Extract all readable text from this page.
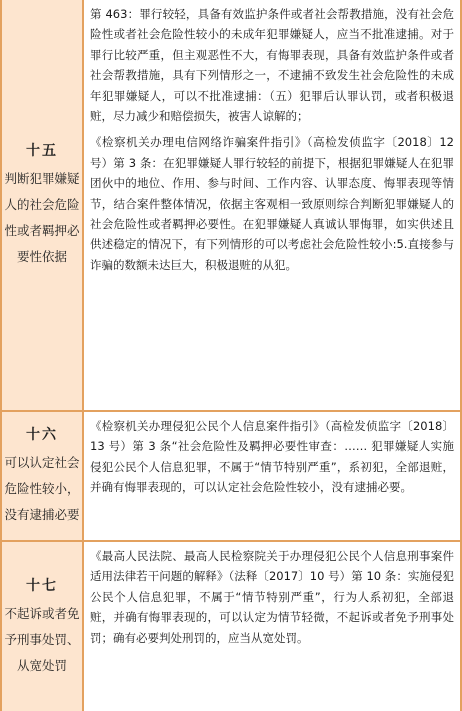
十五
判断犯罪嫌疑人的社会危险性或者羁押必要性依据

第 463：罪行较轻，具备有效监护条件或者社会帮教措施，没有社会危险性或者社会危险性较小的未成年犯罪嫌疑人，应当不批准逮捕。对于罪行比较严重，但主观恶性不大，有悔罪表现，具备有效监护条件或者社会帮教措施，具有下列情形之一，不逮捕不致发生社会危险性的未成年犯罪嫌疑人，可以不批准逮捕：（五）犯罪后认罪认罚，或者积极退赃，尽力减少和赔偿损失，被害人谅解的；

《检察机关办理电信网络诈骗案件指引》（高检发侦监字〔2018〕12 号）第 3 条：在犯罪嫌疑人罪行较轻的前提下，根据犯罪嫌疑人在犯罪团伙中的地位、作用、参与时间、工作内容、认罪态度、悔罪表现等情节，结合案件整体情况，依据主客观相一致原则综合判断犯罪嫌疑人的社会危险性或者羁押必要性。在犯罪嫌疑人真诚认罪悔罪，如实供述且供述稳定的情况下，有下列情形的可以考虑社会危险性较小:5.直接参与诈骗的数额未达巨大，积极退赃的从犯。

十六
可以认定社会危险性较小，没有逮捕必要

《检察机关办理侵犯公民个人信息案件指引》（高检发侦监字〔2018〕13 号）第 3 条“社会危险性及羁押必要性审查：…… 犯罪嫌疑人实施侵犯公民个人信息犯罪，不属于“情节特别严重”，系初犯，全部退赃，并确有悔罪表现的，可以认定社会危险性较小，没有逮捕必要。

十七
不起诉或者免予刑事处罚、从宽处罚

《最高人民法院、最高人民检察院关于办理侵犯公民个人信息刑事案件适用法律若干问题的解释》（法释〔2017〕10 号）第 10 条：实施侵犯公民个人信息犯罪，不属于“情节特别严重”，行为人系初犯，全部退赃，并确有悔罪表现的，可以认定为情节轻微，不起诉或者免予刑事处罚；确有必要判处刑罚的，应当从宽处罚。
